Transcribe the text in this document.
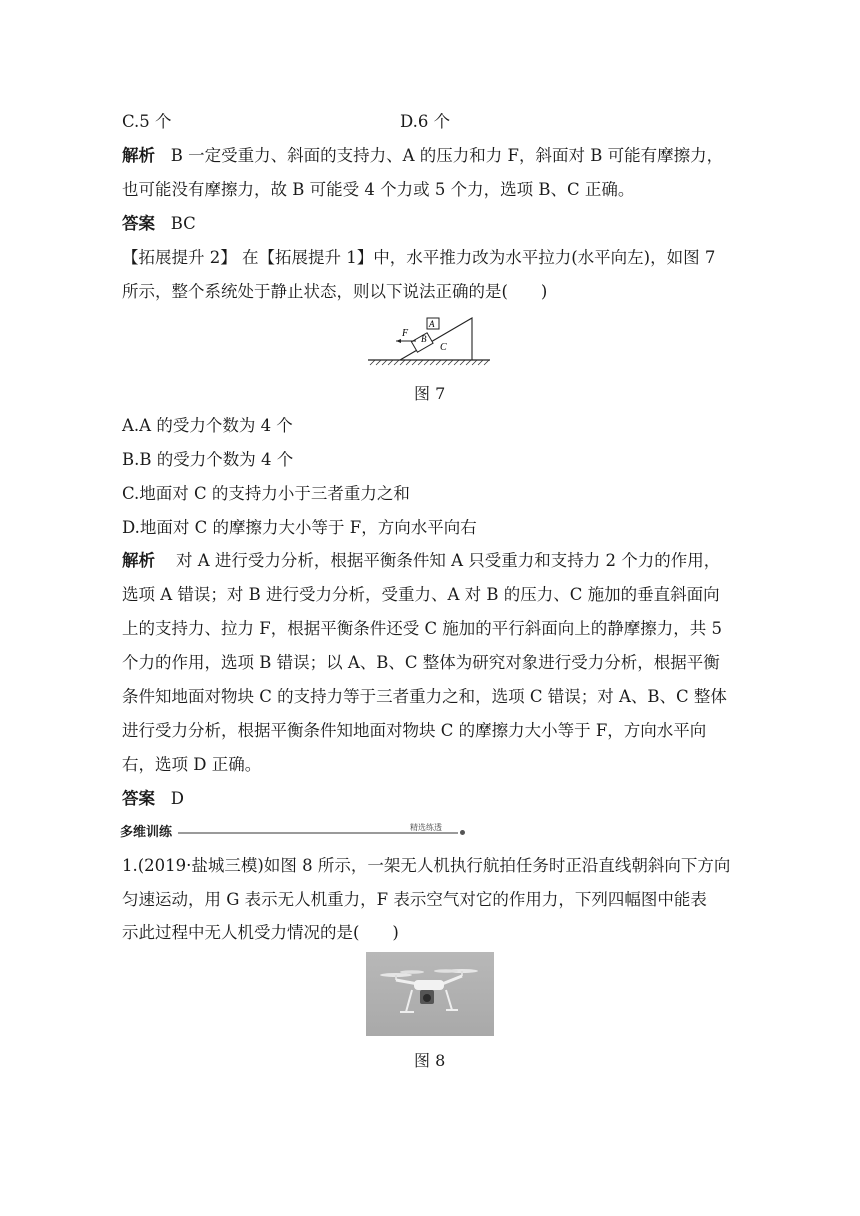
C.5 个	D.6 个
解析 B 一定受重力、斜面的支持力、A 的压力和力 F，斜面对 B 可能有摩擦力，
也可能没有摩擦力，故 B 可能受 4 个力或 5 个力，选项 B、C 正确。
答案 BC
【拓展提升 2】 在【拓展提升 1】中，水平推力改为水平拉力(水平向左)，如图 7
所示，整个系统处于静止状态，则以下说法正确的是(　　)
F
A
B
C
图 7
A.A 的受力个数为 4 个
B.B 的受力个数为 4 个
C.地面对 C 的支持力小于三者重力之和
D.地面对 C 的摩擦力大小等于 F，方向水平向右
解析 对 A 进行受力分析，根据平衡条件知 A 只受重力和支持力 2 个力的作用，
选项 A 错误；对 B 进行受力分析，受重力、A 对 B 的压力、C 施加的垂直斜面向
上的支持力、拉力 F，根据平衡条件还受 C 施加的平行斜面向上的静摩擦力，共 5
个力的作用，选项 B 错误；以 A、B、C 整体为研究对象进行受力分析，根据平衡
条件知地面对物块 C 的支持力等于三者重力之和，选项 C 错误；对 A、B、C 整体
进行受力分析，根据平衡条件知地面对物块 C 的摩擦力大小等于 F，方向水平向
右，选项 D 正确。
答案 D
多维训练	精选练透
1.(2019·盐城三模)如图 8 所示，一架无人机执行航拍任务时正沿直线朝斜向下方向
匀速运动，用 G 表示无人机重力，F 表示空气对它的作用力，下列四幅图中能表
示此过程中无人机受力情况的是(　　)
图 8
